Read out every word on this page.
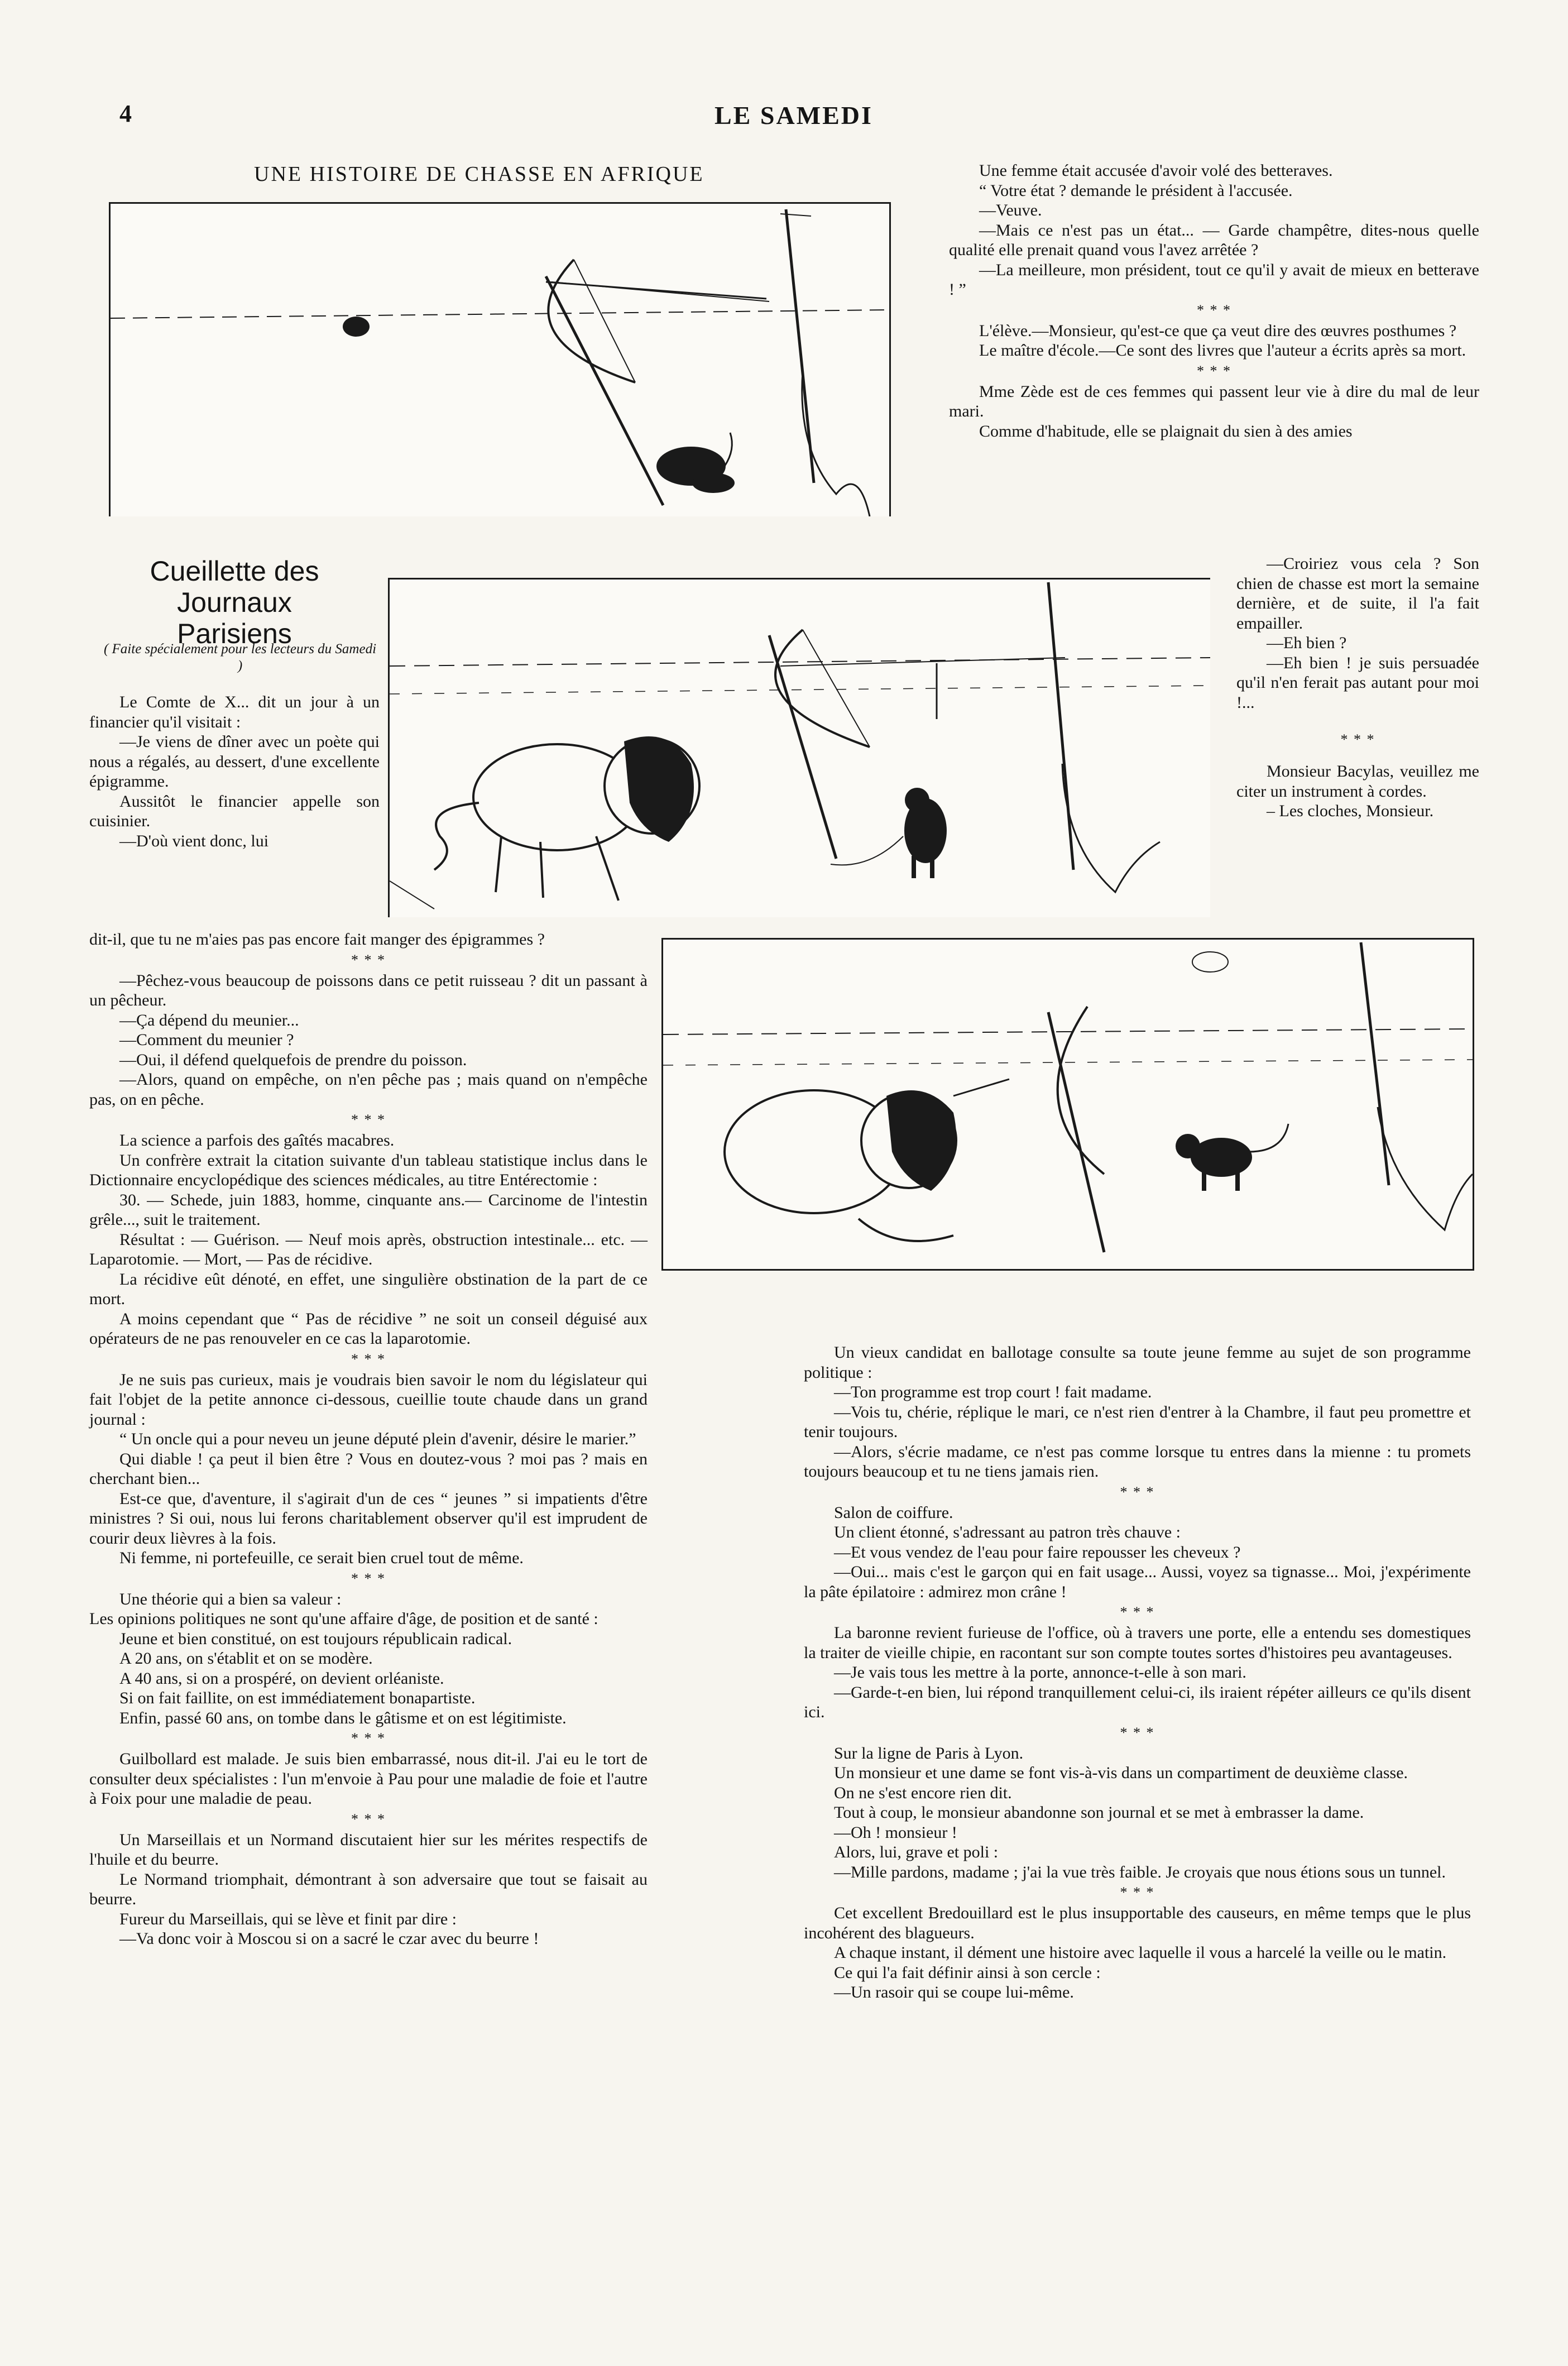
4	LE SAMEDI
UNE HISTOIRE DE CHASSE EN AFRIQUE
Cueillette des Journaux
Parisiens
( Faite spécialement pour les lecteurs du Samedi )

Le Comte de X... dit un jour à un financier qu'il visitait :

—Je viens de dîner avec un poète qui nous a régalés, au dessert, d'une excellente épigramme.

Aussitôt le financier appelle son cuisinier.

—D'où vient donc, lui

Une femme était accusée d'avoir volé des betteraves.

“ Votre état ? demande le président à l'accusée.

—Veuve.

—Mais ce n'est pas un état... — Garde champêtre, dites-nous quelle qualité elle prenait quand vous l'avez arrêtée ?

—La meilleure, mon président, tout ce qu'il y avait de mieux en betterave ! ”

* * *

L'élève.—Monsieur, qu'est-ce que ça veut dire des œuvres posthumes ?

Le maître d'école.—Ce sont des livres que l'auteur a écrits après sa mort.

* * *

Mme Zède est de ces femmes qui passent leur vie à dire du mal de leur mari.

Comme d'habitude, elle se plaignait du sien à des amies

—Croiriez vous cela ? Son chien de chasse est mort la semaine dernière, et de suite, il l'a fait empailler.

—Eh bien ?

—Eh bien ! je suis persuadée qu'il n'en ferait pas autant pour moi !...

* * *

Monsieur Bacylas, veuillez me citer un instrument à cordes.

– Les cloches, Monsieur.

dit-il, que tu ne m'aies pas pas encore fait manger des épigrammes ?

* * *

—Pêchez-vous beaucoup de poissons dans ce petit ruisseau ? dit un passant à un pêcheur.

—Ça dépend du meunier...

—Comment du meunier ?

—Oui, il défend quelquefois de prendre du poisson.

—Alors, quand on empêche, on n'en pêche pas ; mais quand on n'empêche pas, on en pêche.

* * *

La science a parfois des gaîtés macabres.

Un confrère extrait la citation suivante d'un tableau statistique inclus dans le Dictionnaire encyclopédique des sciences médicales, au titre Entérectomie :

30. — Schede, juin 1883, homme, cinquante ans.— Carcinome de l'intestin grêle..., suit le traitement.

Résultat : — Guérison. — Neuf mois après, obstruction intestinale... etc. — Laparotomie. — Mort, — Pas de récidive.

La récidive eût dénoté, en effet, une singulière obstination de la part de ce mort.

A moins cependant que “ Pas de récidive ” ne soit un conseil déguisé aux opérateurs de ne pas renouveler en ce cas la laparotomie.

* * *

Je ne suis pas curieux, mais je voudrais bien savoir le nom du législateur qui fait l'objet de la petite annonce ci-dessous, cueillie toute chaude dans un grand journal :

“ Un oncle qui a pour neveu un jeune député plein d'avenir, désire le marier.”

Qui diable ! ça peut il bien être ? Vous en doutez-vous ? moi pas ? mais en cherchant bien...

Est-ce que, d'aventure, il s'agirait d'un de ces “ jeunes ” si impatients d'être ministres ? Si oui, nous lui ferons charitablement observer qu'il est imprudent de courir deux lièvres à la fois.

Ni femme, ni portefeuille, ce serait bien cruel tout de même.

* * *

Une théorie qui a bien sa valeur :

Les opinions politiques ne sont qu'une affaire d'âge, de position et de santé :

Jeune et bien constitué, on est toujours républicain radical.

A 20 ans, on s'établit et on se modère.

A 40 ans, si on a prospéré, on devient orléaniste.

Si on fait faillite, on est immédiatement bonapartiste.

Enfin, passé 60 ans, on tombe dans le gâtisme et on est légitimiste.

* * *

Guilbollard est malade. Je suis bien embarrassé, nous dit-il. J'ai eu le tort de consulter deux spécialistes : l'un m'envoie à Pau pour une maladie de foie et l'autre à Foix pour une maladie de peau.

* * *

Un Marseillais et un Normand discutaient hier sur les mérites respectifs de l'huile et du beurre.

Le Normand triomphait, démontrant à son adversaire que tout se faisait au beurre.

Fureur du Marseillais, qui se lève et finit par dire :

—Va donc voir à Moscou si on a sacré le czar avec du beurre !

Un vieux candidat en ballotage consulte sa toute jeune femme au sujet de son programme politique :

—Ton programme est trop court ! fait madame.

—Vois tu, chérie, réplique le mari, ce n'est rien d'entrer à la Chambre, il faut peu promettre et tenir toujours.

—Alors, s'écrie madame, ce n'est pas comme lorsque tu entres dans la mienne : tu promets toujours beaucoup et tu ne tiens jamais rien.

* * *

Salon de coiffure.

Un client étonné, s'adressant au patron très chauve :

—Et vous vendez de l'eau pour faire repousser les cheveux ?

—Oui... mais c'est le garçon qui en fait usage... Aussi, voyez sa tignasse... Moi, j'expérimente la pâte épilatoire : admirez mon crâne !

* * *

La baronne revient furieuse de l'office, où à travers une porte, elle a entendu ses domestiques la traiter de vieille chipie, en racontant sur son compte toutes sortes d'histoires peu avantageuses.

—Je vais tous les mettre à la porte, annonce-t-elle à son mari.

—Garde-t-en bien, lui répond tranquillement celui-ci, ils iraient répéter ailleurs ce qu'ils disent ici.

* * *

Sur la ligne de Paris à Lyon.

Un monsieur et une dame se font vis-à-vis dans un compartiment de deuxième classe.

On ne s'est encore rien dit.

Tout à coup, le monsieur abandonne son journal et se met à embrasser la dame.

—Oh ! monsieur !

Alors, lui, grave et poli :

—Mille pardons, madame ; j'ai la vue très faible. Je croyais que nous étions sous un tunnel.

* * *

Cet excellent Bredouillard est le plus insupportable des causeurs, en même temps que le plus incohérent des blagueurs.

A chaque instant, il dément une histoire avec laquelle il vous a harcelé la veille ou le matin.

Ce qui l'a fait définir ainsi à son cercle :

—Un rasoir qui se coupe lui-même.
